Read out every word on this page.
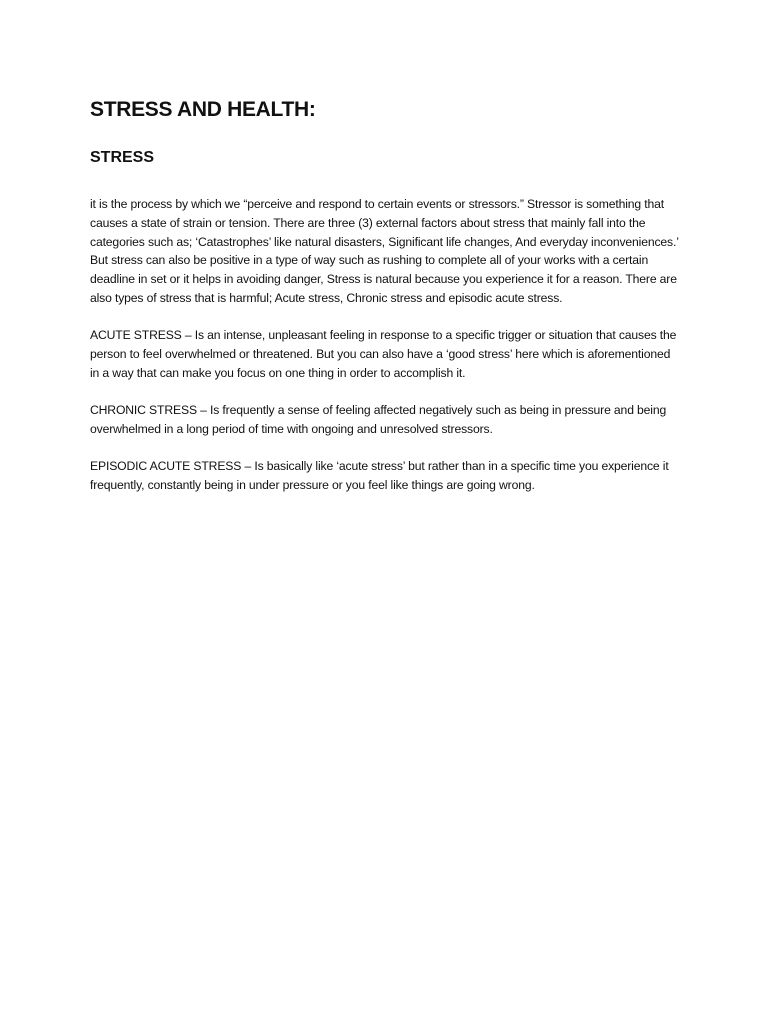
STRESS AND HEALTH:
STRESS

it is the process by which we “perceive and respond to certain events or stressors.” Stressor is something that causes a state of strain or tension. There are three (3) external factors about stress that mainly fall into the categories such as; ‘Catastrophes’ like natural disasters, Significant life changes, And everyday inconveniences.’ But stress can also be positive in a type of way such as rushing to complete all of your works with a certain deadline in set or it helps in avoiding danger, Stress is natural because you experience it for a reason. There are also types of stress that is harmful; Acute stress, Chronic stress and episodic acute stress.

ACUTE STRESS – Is an intense, unpleasant feeling in response to a specific trigger or situation that causes the person to feel overwhelmed or threatened. But you can also have a ‘good stress’ here which is aforementioned in a way that can make you focus on one thing in order to accomplish it.

CHRONIC STRESS – Is frequently a sense of feeling affected negatively such as being in pressure and being overwhelmed in a long period of time with ongoing and unresolved stressors.

EPISODIC ACUTE STRESS – Is basically like ‘acute stress’ but rather than in a specific time you experience it frequently, constantly being in under pressure or you feel like things are going wrong.
